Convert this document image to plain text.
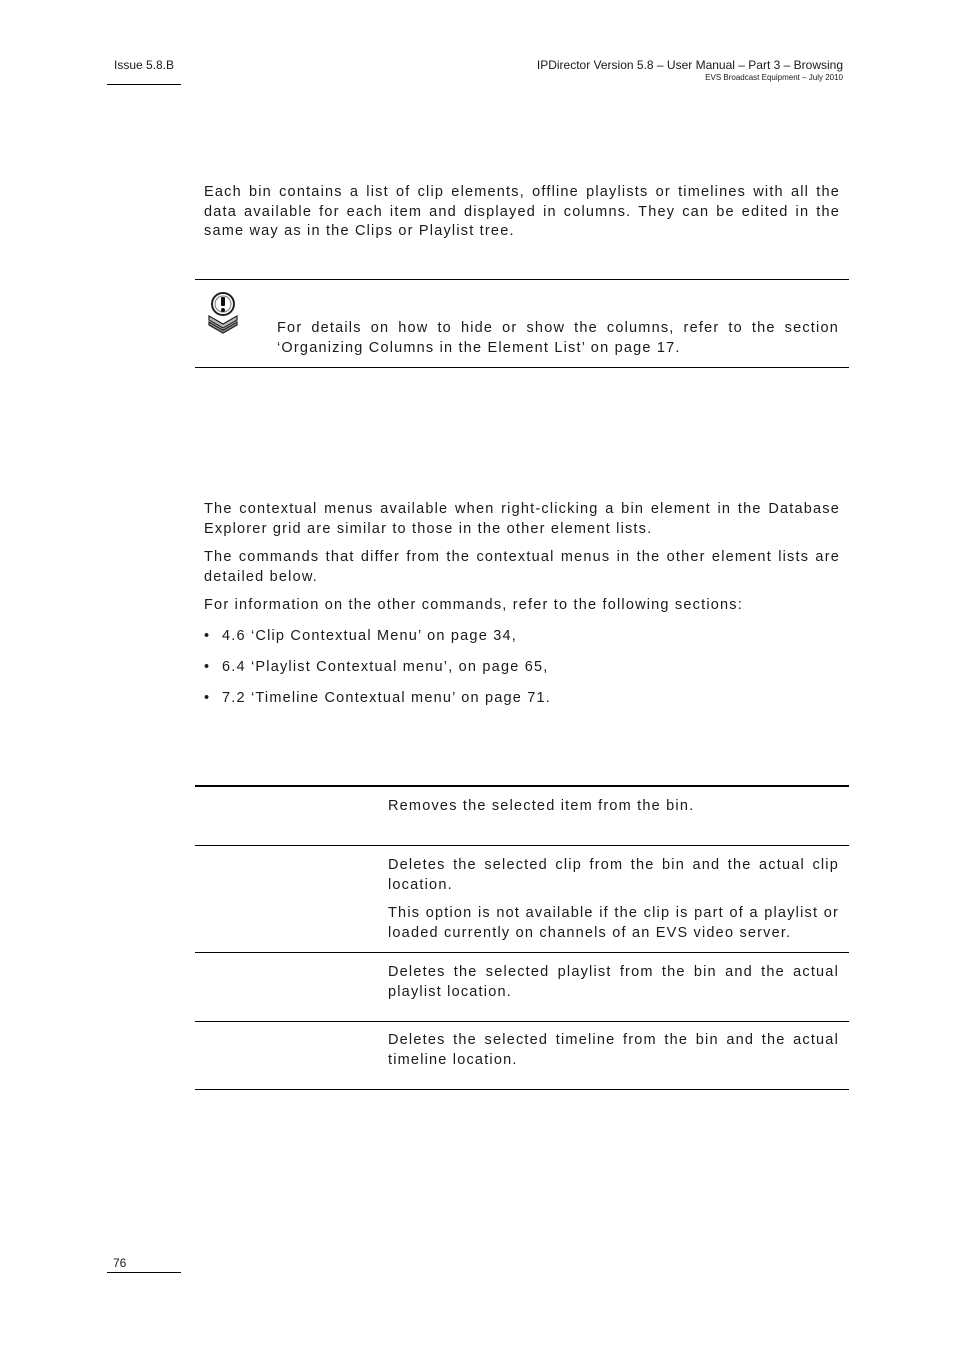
Issue 5.8.B	IPDirector Version 5.8 – User Manual – Part 3 – Browsing
EVS Broadcast Equipment – July 2010
Each bin contains a list of clip elements, offline playlists or timelines with all the data available for each item and displayed in columns. They can be edited in the same way as in the Clips or Playlist tree.
For details on how to hide or show the columns, refer to the section ‘Organizing Columns in the Element List’ on page 17.
The contextual menus available when right-clicking a bin element in the Database Explorer grid are similar to those in the other element lists.
The commands that differ from the contextual menus in the other element lists are detailed below.
For information on the other commands, refer to the following sections:
• 4.6 ‘Clip Contextual Menu’ on page 34,
• 6.4 ‘Playlist Contextual menu’, on page 65,
• 7.2 ‘Timeline Contextual menu’ on page 71.

Removes the selected item from the bin.

Deletes the selected clip from the bin and the actual clip location.

This option is not available if the clip is part of a playlist or loaded currently on channels of an EVS video server.

Deletes the selected playlist from the bin and the actual playlist location.

Deletes the selected timeline from the bin and the actual timeline location.

76
